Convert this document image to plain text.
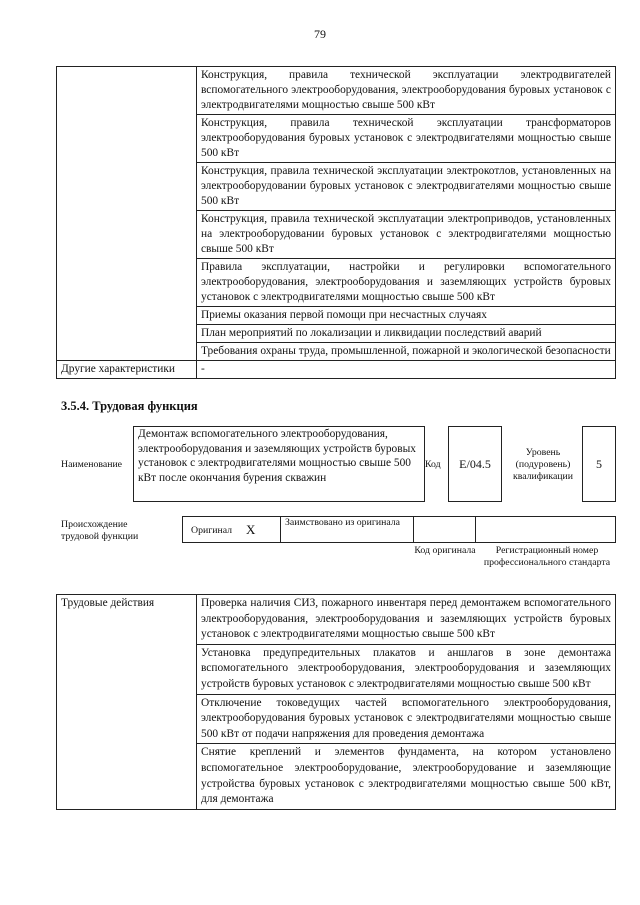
79
	Конструкция, правила технической эксплуатации электродвигателей вспомогательного электрооборудования, электрооборудования буровых установок с электродвигателями мощностью свыше 500 кВт
	Конструкция, правила технической эксплуатации трансформаторов электрооборудования буровых установок с электродвигателями мощностью свыше 500 кВт
	Конструкция, правила технической эксплуатации электрокотлов, установленных на электрооборудовании буровых установок с электродвигателями мощностью свыше 500 кВт
	Конструкция, правила технической эксплуатации электроприводов, установленных на электрооборудовании буровых установок с электродвигателями мощностью свыше 500 кВт
	Правила эксплуатации, настройки и регулировки вспомогательного электрооборудования, электрооборудования и заземляющих устройств буровых установок с электродвигателями мощностью свыше 500 кВт
	Приемы оказания первой помощи при несчастных случаях
	План мероприятий по локализации и ликвидации последствий аварий
	Требования охраны труда, промышленной, пожарной и экологической безопасности
Другие характеристики	-
3.5.4. Трудовая функция
Наименование
Демонтаж вспомогательного электрооборудования, электрооборудования и заземляющих устройств буровых установок с электродвигателями мощностью свыше 500 кВт после окончания бурения скважин
Код	E/04.5
Уровень (подуровень) квалификации
5
Происхождение трудовой функции
Оригинал X	Заимствовано из оригинала
Код оригинала	Регистрационный номер профессионального стандарта
Трудовые действия	Проверка наличия СИЗ, пожарного инвентаря перед демонтажем вспомогательного электрооборудования, электрооборудования и заземляющих устройств буровых установок с электродвигателями мощностью свыше 500 кВт
Установка предупредительных плакатов и аншлагов в зоне демонтажа вспомогательного электрооборудования, электрооборудования и заземляющих устройств буровых установок с электродвигателями мощностью свыше 500 кВт
Отключение токоведущих частей вспомогательного электрооборудования, электрооборудования буровых установок с электродвигателями мощностью свыше 500 кВт от подачи напряжения для проведения демонтажа
Снятие креплений и элементов фундамента, на котором установлено вспомогательное электрооборудование, электрооборудование и заземляющие устройства буровых установок с электродвигателями мощностью свыше 500 кВт, для демонтажа
